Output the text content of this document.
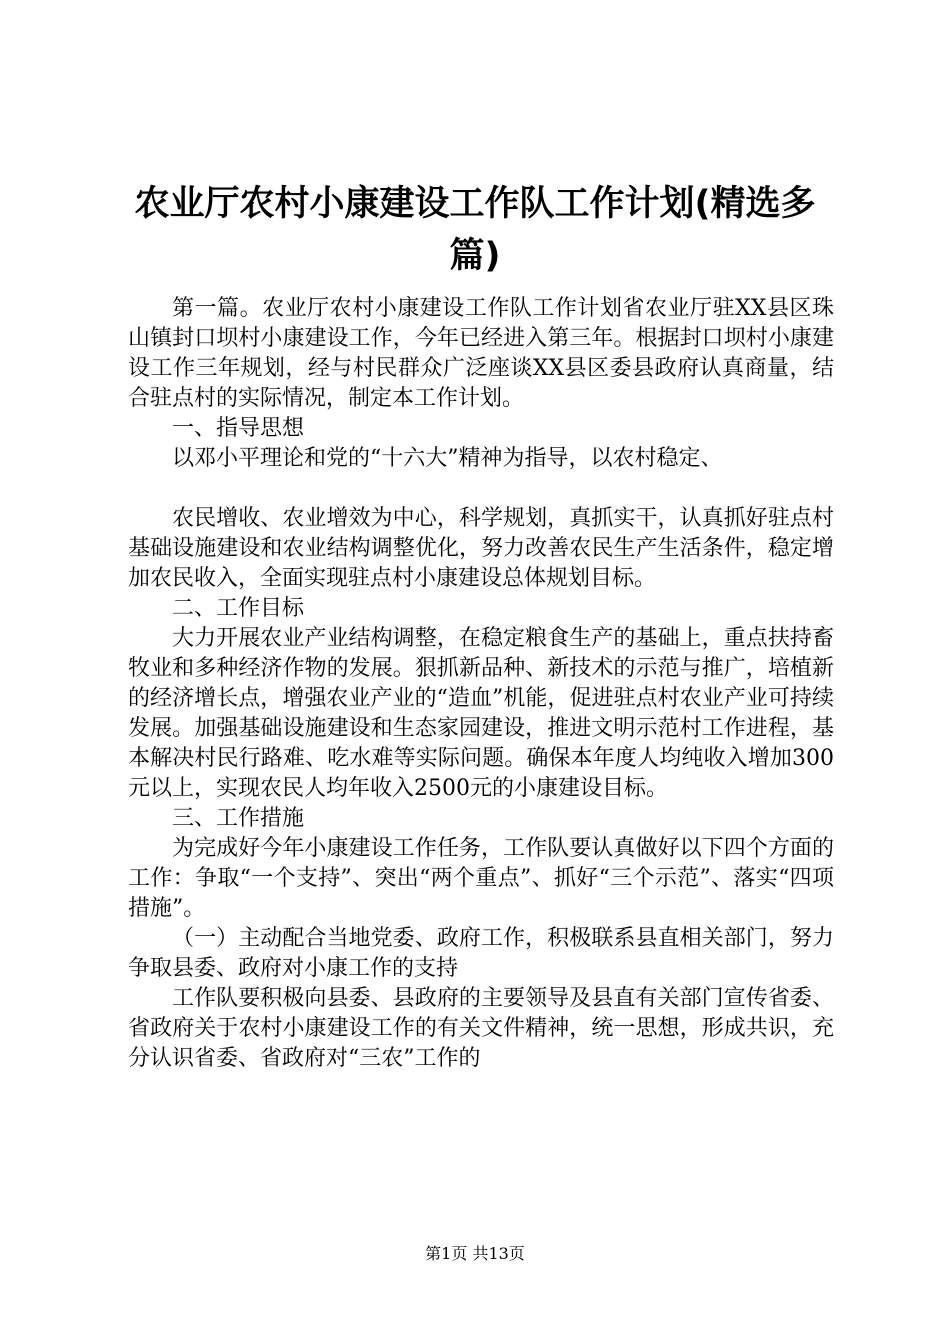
农业厅农村小康建设工作队工作计划(精选多篇)

第一篇。农业厅农村小康建设工作队工作计划省农业厅驻XX县区珠山镇封口坝村小康建设工作，今年已经进入第三年。根据封口坝村小康建设工作三年规划，经与村民群众广泛座谈XX县区委县政府认真商量，结合驻点村的实际情况，制定本工作计划。

一、指导思想

以邓小平理论和党的“十六大”精神为指导，以农村稳定、

农民增收、农业增效为中心，科学规划，真抓实干，认真抓好驻点村基础设施建设和农业结构调整优化，努力改善农民生产生活条件，稳定增加农民收入，全面实现驻点村小康建设总体规划目标。

二、工作目标

大力开展农业产业结构调整，在稳定粮食生产的基础上，重点扶持畜牧业和多种经济作物的发展。狠抓新品种、新技术的示范与推广，培植新的经济增长点，增强农业产业的“造血”机能，促进驻点村农业产业可持续发展。加强基础设施建设和生态家园建设，推进文明示范村工作进程，基本解决村民行路难、吃水难等实际问题。确保本年度人均纯收入增加300元以上，实现农民人均年收入2500元的小康建设目标。

三、工作措施

为完成好今年小康建设工作任务，工作队要认真做好以下四个方面的工作：争取“一个支持”、突出“两个重点”、抓好“三个示范”、落实“四项措施”。

（一）主动配合当地党委、政府工作，积极联系县直相关部门，努力争取县委、政府对小康工作的支持

工作队要积极向县委、县政府的主要领导及县直有关部门宣传省委、省政府关于农村小康建设工作的有关文件精神，统一思想，形成共识，充分认识省委、省政府对“三农”工作的

第1页 共13页
